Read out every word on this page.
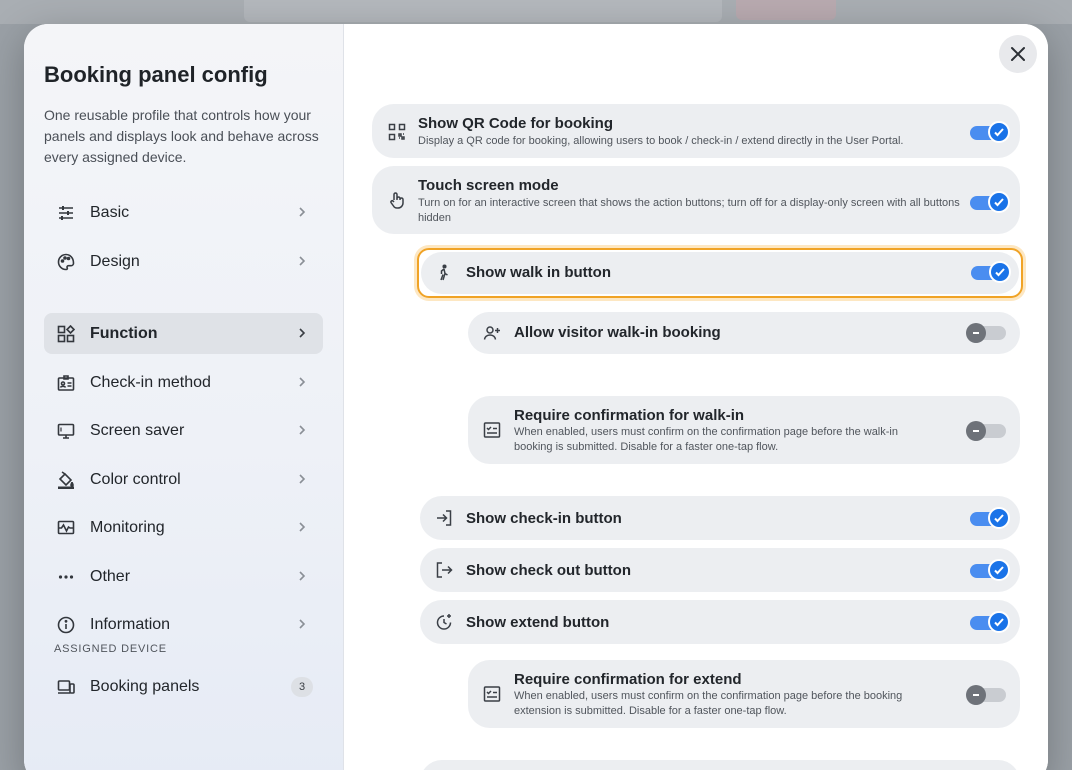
Booking panel config
One reusable profile that controls how your panels and displays look and behave across every assigned device.
Basic
Design
Function
Check-in method
Screen saver
Color control
Monitoring
Other
Information
ASSIGNED DEVICE
Booking panels	3
Show QR Code for booking
Display a QR code for booking, allowing users to book / check-in / extend directly in the User Portal.
Touch screen mode
Turn on for an interactive screen that shows the action buttons; turn off for a display-only screen with all buttons hidden
Show walk in button
Allow visitor walk-in booking
Require confirmation for walk-in
When enabled, users must confirm on the confirmation page before the walk-in booking is submitted. Disable for a faster one-tap flow.
Show check-in button
Show check out button
Show extend button
Require confirmation for extend
When enabled, users must confirm on the confirmation page before the booking extension is submitted. Disable for a faster one-tap flow.
